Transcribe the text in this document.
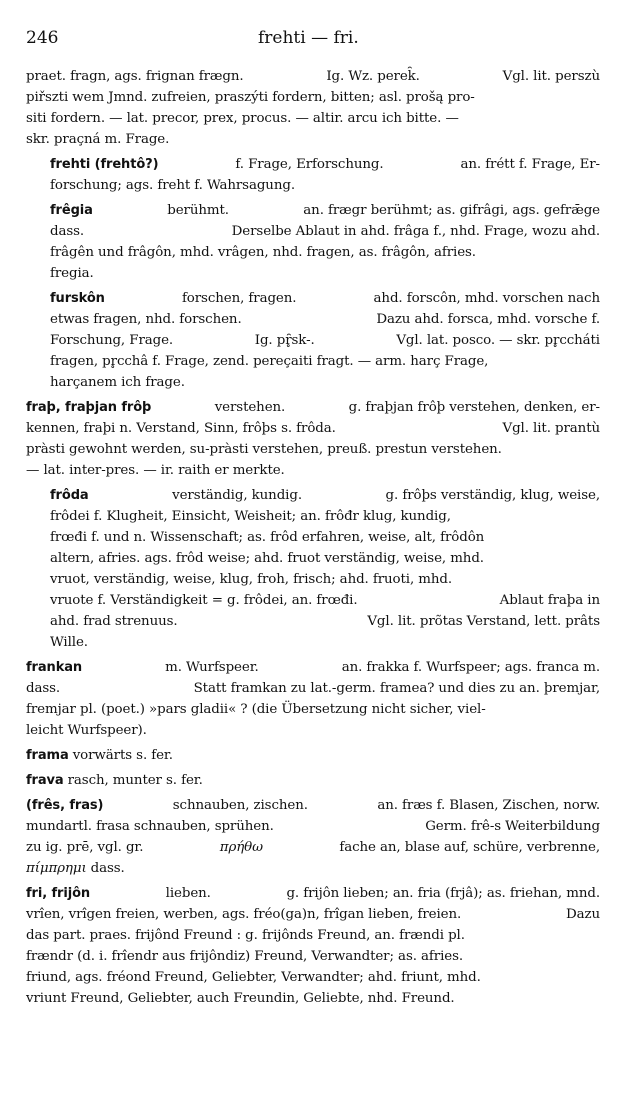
246	frehti — fri.
praet. fragn, ags. frignan frægn.	Ig. Wz. perek̑.	Vgl. lit. perszù
piřszti wem Jmnd. zufreien, praszýti fordern, bitten; asl. prošą pro-
siti fordern. — lat. precor, prex, procus. — altir. arcu ich bitte. —
skr. praçná m. Frage.
frehti (frehtô?)	f. Frage, Erforschung.	an. frétt f. Frage, Er-
forschung; ags. freht f. Wahrsagung.
frêgia	berühmt.	an. frægr berühmt; as. gifrâgi, ags. gefrǣge
dass.	Derselbe Ablaut in ahd. frâga f., nhd. Frage, wozu ahd.
frâgên und frâgôn, mhd. vrâgen, nhd. fragen, as. frâgôn, afries.
fregia.
furskôn	forschen, fragen.	ahd. forscôn, mhd. vorschen nach
etwas fragen, nhd. forschen.	Dazu ahd. forsca, mhd. vorsche f.
Forschung, Frage.	Ig. pȓ̥sk-.	Vgl. lat. posco. — skr. pr̥ccháti
fragen, pr̥cchâ f. Frage, zend. pereçaiti fragt. — arm. harç Frage,
harçanem ich frage.
fraþ, fraþjan frôþ	verstehen.	g. fraþjan frôþ verstehen, denken, er-
kennen, fraþi n. Verstand, Sinn, frôþs s. frôda.	Vgl. lit. prantù
pràsti gewohnt werden, su-pràsti verstehen, preuß. prestun verstehen.
— lat. inter-pres. — ir. raith er merkte.
frôda	verständig, kundig.	g. frôþs verständig, klug, weise,
frôdei f. Klugheit, Einsicht, Weisheit; an. frôđr klug, kundig,
frœđi f. und n. Wissenschaft; as. frôd erfahren, weise, alt, frôdôn
altern, afries. ags. frôd weise; ahd. fruot verständig, weise, mhd.
vruot, verständig, weise, klug, froh, frisch; ahd. fruoti, mhd.
vruote f. Verständigkeit = g. frôdei, an. frœđi.	Ablaut fraþa in
ahd. frad strenuus.	Vgl. lit. prõtas Verstand, lett. prâts
Wille.
frankan	m. Wurfspeer.	an. frakka f. Wurfspeer; ags. franca m.
dass.	Statt framkan zu lat.-germ. framea? und dies zu an. þremjar,
fremjar pl. (poet.) »pars gladii« ? (die Übersetzung nicht sicher, viel-
leicht Wurfspeer).
frama vorwärts s. fer.
frava rasch, munter s. fer.
(frês, fras)	schnauben, zischen.	an. fræs f. Blasen, Zischen, norw.
mundartl. frasa schnauben, sprühen.	Germ. frê-s Weiterbildung
zu ig. prē, vgl. gr.	πρήθω	fache an, blase auf, schüre, verbrenne,
πίμπρημι dass.
fri, frijôn	lieben.	g. frijôn lieben; an. fria (frjâ); as. friehan, mnd.
vrîen, vrîgen freien, werben, ags. fréo(ga)n, frîgan lieben, freien.	Dazu
das part. praes. frijônd Freund : g. frijônds Freund, an. frændi pl.
frændr (d. i. frîendr aus frijôndiz) Freund, Verwandter; as. afries.
friund, ags. fréond Freund, Geliebter, Verwandter; ahd. friunt, mhd.
vriunt Freund, Geliebter, auch Freundin, Geliebte, nhd. Freund.
